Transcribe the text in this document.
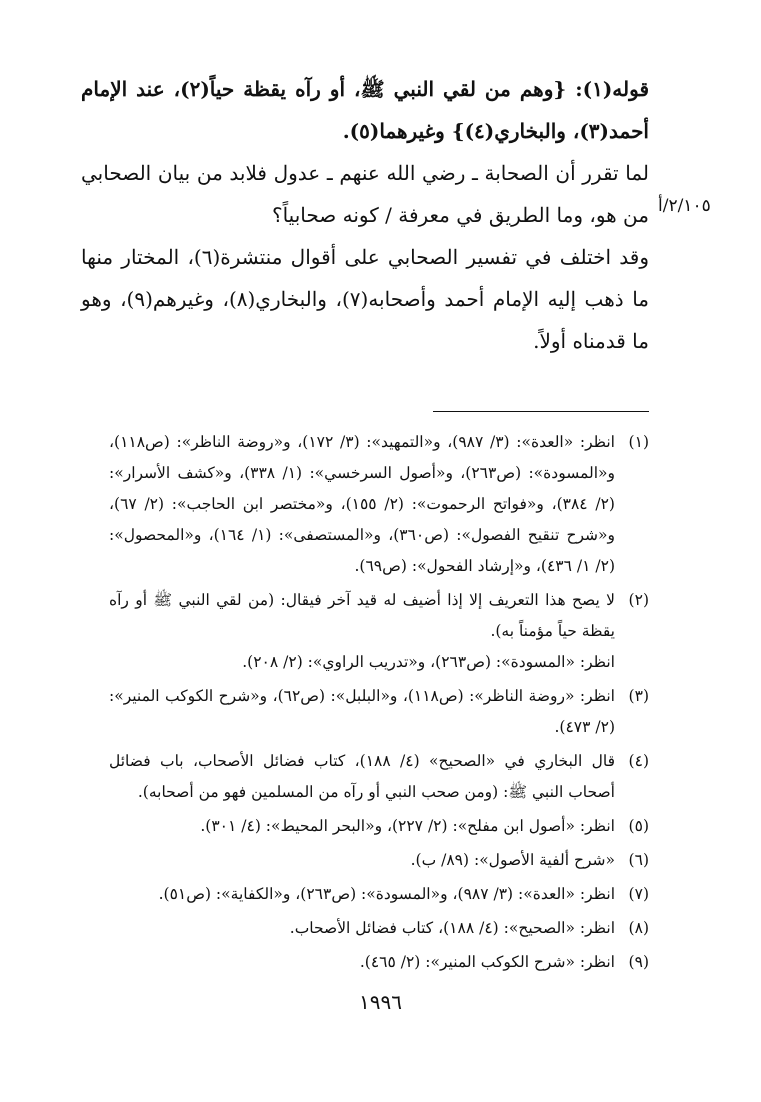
قوله(١): {وهم من لقي النبي ﷺ، أو رآه يقظة حياً(٢)، عند الإمام أحمد(٣)، والبخاري(٤)} وغيرهما(٥).

لما تقرر أن الصحابة ـ رضي الله عنهم ـ عدول فلابد من بيان الصحابي من هو، وما الطريق في معرفة / كونه صحابياً؟

وقد اختلف في تفسير الصحابي على أقوال منتشرة(٦)، المختار منها ما ذهب إليه الإمام أحمد وأصحابه(٧)، والبخاري(٨)، وغيرهم(٩)، وهو ما قدمناه أولاً.

٢/١٠٥/أ
(١)

انظر: «العدة»: (٣/ ٩٨٧)، و«التمهيد»: (٣/ ١٧٢)، و«روضة الناظر»: (ص١١٨)، و«المسودة»: (ص٢٦٣)، و«أصول السرخسي»: (١/ ٣٣٨)، و«كشف الأسرار»: (٢/ ٣٨٤)، و«فواتح الرحموت»: (٢/ ١٥٥)، و«مختصر ابن الحاجب»: (٢/ ٦٧)، و«شرح تنقيح الفصول»: (ص٣٦٠)، و«المستصفى»: (١/ ١٦٤)، و«المحصول»: (٢/ ١/ ٤٣٦)، و«إرشاد الفحول»: (ص٦٩).

(٢)

لا يصح هذا التعريف إلا إذا أضيف له قيد آخر فيقال: (من لقي النبي ﷺ أو رآه يقظة حياً مؤمناً به).

انظر: «المسودة»: (ص٢٦٣)، و«تدريب الراوي»: (٢/ ٢٠٨).

(٣)

انظر: «روضة الناظر»: (ص١١٨)، و«البلبل»: (ص٦٢)، و«شرح الكوكب المنير»: (٢/ ٤٧٣).

(٤)

قال البخاري في «الصحيح» (٤/ ١٨٨)، كتاب فضائل الأصحاب، باب فضائل أصحاب النبي ﷺ: (ومن صحب النبي أو رآه من المسلمين فهو من أصحابه).

(٥)

انظر: «أصول ابن مفلح»: (٢/ ٢٢٧)، و«البحر المحيط»: (٤/ ٣٠١).

(٦)

«شرح ألفية الأصول»: (٨٩/ ب).

(٧)

انظر: «العدة»: (٣/ ٩٨٧)، و«المسودة»: (ص٢٦٣)، و«الكفاية»: (ص٥١).

(٨)

انظر: «الصحيح»: (٤/ ١٨٨)، كتاب فضائل الأصحاب.

(٩)

انظر: «شرح الكوكب المنير»: (٢/ ٤٦٥).

١٩٩٦
